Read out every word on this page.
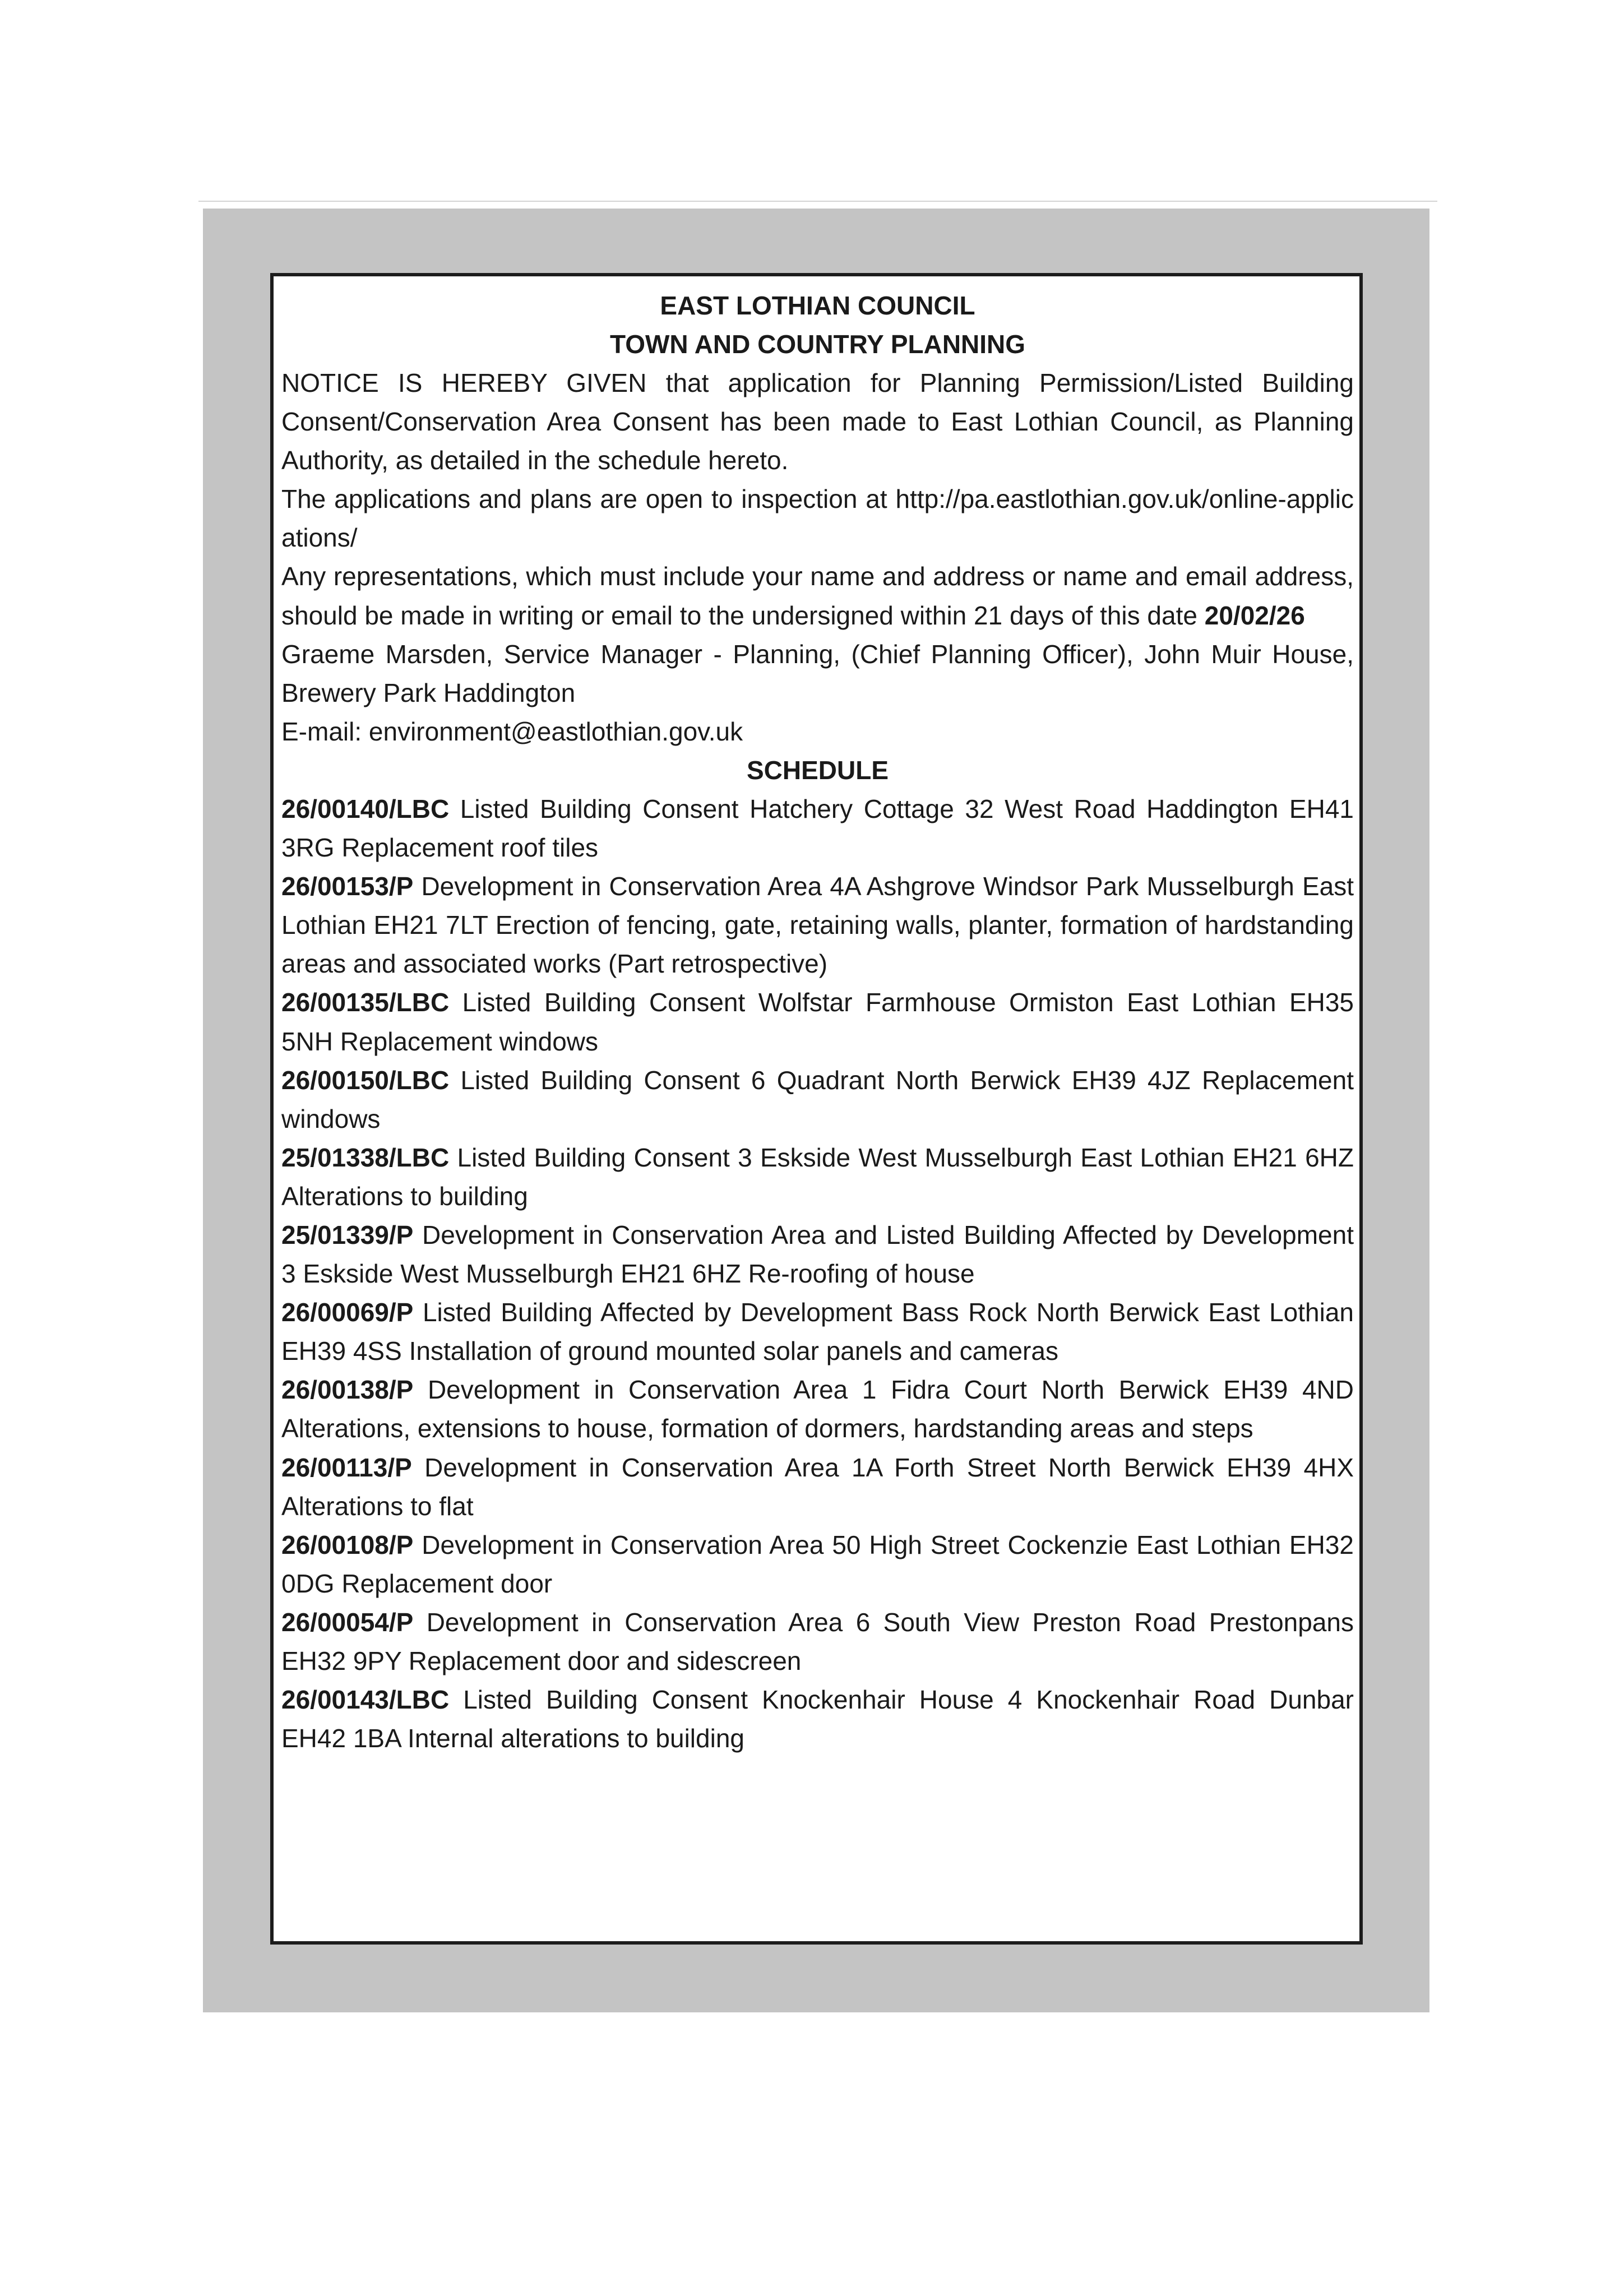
EAST LOTHIAN COUNCIL
TOWN AND COUNTRY PLANNING

NOTICE IS HEREBY GIVEN that application for Planning Permission/Listed Building Consent/Conservation Area Consent has been made to East Lothian Council, as Planning Authority, as detailed in the schedule hereto.

The applications and plans are open to inspection at http://pa.eastlothian.gov.uk/online-applications/

Any representations, which must include your name and address or name and email address, should be made in writing or email to the undersigned within 21 days of this date 20/02/26

Graeme Marsden, Service Manager - Planning, (Chief Planning Officer), John Muir House, Brewery Park Haddington

E-mail: environment@eastlothian.gov.uk

SCHEDULE

26/00140/LBC Listed Building Consent Hatchery Cottage 32 West Road Haddington EH41 3RG Replacement roof tiles

26/00153/P Development in Conservation Area 4A Ashgrove Windsor Park Musselburgh East Lothian EH21 7LT Erection of fencing, gate, retaining walls, planter, formation of hardstanding areas and associated works (Part retrospective)

26/00135/LBC Listed Building Consent Wolfstar Farmhouse Ormiston East Lothian EH35 5NH Replacement windows

26/00150/LBC Listed Building Consent 6 Quadrant North Berwick EH39 4JZ Replacement windows

25/01338/LBC Listed Building Consent 3 Eskside West Musselburgh East Lothian EH21 6HZ Alterations to building

25/01339/P Development in Conservation Area and Listed Building Affected by Development 3 Eskside West Musselburgh EH21 6HZ Re-roofing of house

26/00069/P Listed Building Affected by Development Bass Rock North Berwick East Lothian EH39 4SS Installation of ground mounted solar panels and cameras

26/00138/P Development in Conservation Area 1 Fidra Court North Berwick EH39 4ND Alterations, extensions to house, formation of dormers, hardstanding areas and steps

26/00113/P Development in Conservation Area 1A Forth Street North Berwick EH39 4HX Alterations to flat

26/00108/P Development in Conservation Area 50 High Street Cockenzie East Lothian EH32 0DG Replacement door

26/00054/P Development in Conservation Area 6 South View Preston Road Prestonpans EH32 9PY Replacement door and sidescreen

26/00143/LBC Listed Building Consent Knockenhair House 4 Knockenhair Road Dunbar EH42 1BA Internal alterations to building
